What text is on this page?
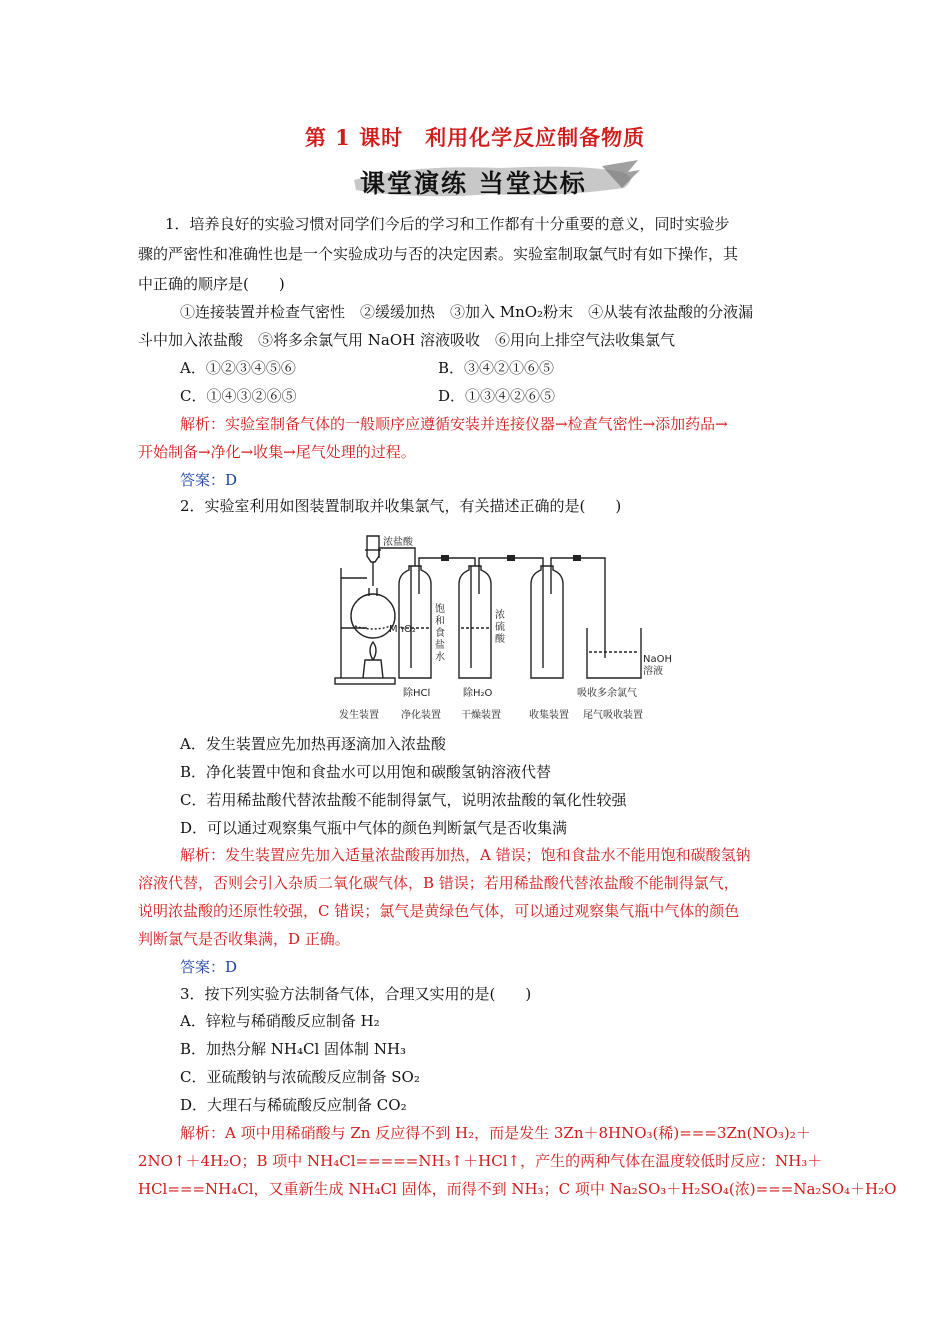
第 1 课时　利用化学反应制备物质
课堂演练 当堂达标
1．培养良好的实验习惯对同学们今后的学习和工作都有十分重要的意义，同时实验步
骤的严密性和准确性也是一个实验成功与否的决定因素。实验室制取氯气时有如下操作，其
中正确的顺序是(　　)
①连接装置并检查气密性　②缓缓加热　③加入 MnO₂粉末　④从装有浓盐酸的分液漏
斗中加入浓盐酸　⑤将多余氯气用 NaOH 溶液吸收　⑥用向上排空气法收集氯气
A．①②③④⑤⑥	B．③④②①⑥⑤
C．①④③②⑥⑤	D．①③④②⑥⑤
解析：实验室制备气体的一般顺序应遵循安装并连接仪器→检查气密性→添加药品→
开始制备→净化→收集→尾气处理的过程。
答案：D
2．实验室利用如图装置制取并收集氯气，有关描述正确的是(　　)
浓盐酸
MnO₂
饱
和
食
盐
水
浓
硫
酸
NaOH
溶液
除HCl	除H₂O	吸收多余氯气
发生装置 净化装置 干燥装置	收集装置 尾气吸收装置
A．发生装置应先加热再逐滴加入浓盐酸
B．净化装置中饱和食盐水可以用饱和碳酸氢钠溶液代替
C．若用稀盐酸代替浓盐酸不能制得氯气，说明浓盐酸的氧化性较强
D．可以通过观察集气瓶中气体的颜色判断氯气是否收集满
解析：发生装置应先加入适量浓盐酸再加热，A 错误；饱和食盐水不能用饱和碳酸氢钠
溶液代替，否则会引入杂质二氧化碳气体，B 错误；若用稀盐酸代替浓盐酸不能制得氯气，
说明浓盐酸的还原性较强，C 错误；氯气是黄绿色气体，可以通过观察集气瓶中气体的颜色
判断氯气是否收集满，D 正确。
答案：D
3．按下列实验方法制备气体，合理又实用的是(　　)
A．锌粒与稀硝酸反应制备 H₂
B．加热分解 NH₄Cl 固体制 NH₃
C．亚硫酸钠与浓硫酸反应制备 SO₂
D．大理石与稀硫酸反应制备 CO₂
解析：A 项中用稀硝酸与 Zn 反应得不到 H₂，而是发生 3Zn＋8HNO₃(稀)===3Zn(NO₃)₂＋
2NO↑＋4H₂O；B 项中 NH₄Cl=====NH₃↑＋HCl↑，产生的两种气体在温度较低时反应：NH₃＋
HCl===NH₄Cl，又重新生成 NH₄Cl 固体，而得不到 NH₃；C 项中 Na₂SO₃＋H₂SO₄(浓)===Na₂SO₄＋H₂O
